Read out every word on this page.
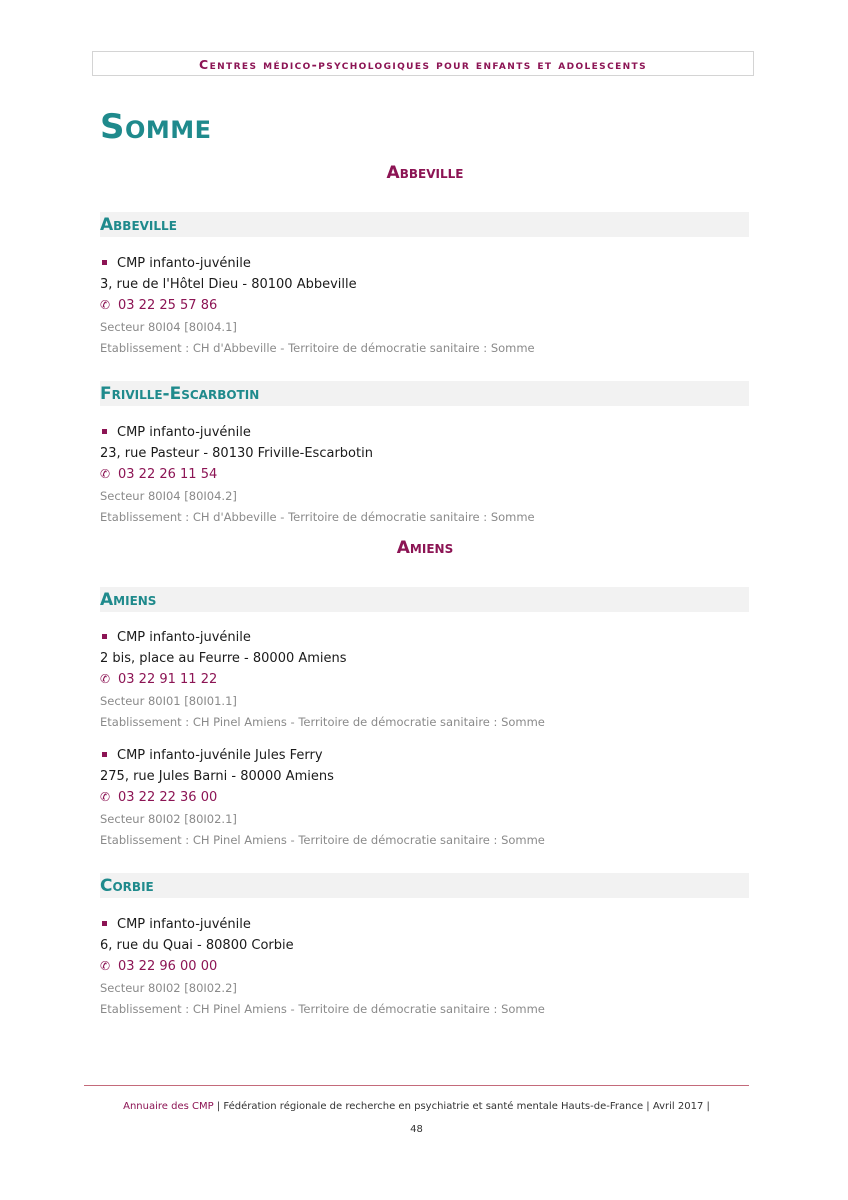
Centres médico-psychologiques pour enfants et adolescents
Somme
Abbeville
Abbeville
CMP infanto-juvénile
3, rue de l'Hôtel Dieu - 80100 Abbeville
✆ 03 22 25 57 86
Secteur 80I04 [80I04.1]
Etablissement : CH d'Abbeville - Territoire de démocratie sanitaire : Somme
Friville-Escarbotin
CMP infanto-juvénile
23, rue Pasteur - 80130 Friville-Escarbotin
✆ 03 22 26 11 54
Secteur 80I04 [80I04.2]
Etablissement : CH d'Abbeville - Territoire de démocratie sanitaire : Somme
Amiens
Amiens
CMP infanto-juvénile
2 bis, place au Feurre - 80000 Amiens
✆ 03 22 91 11 22
Secteur 80I01 [80I01.1]
Etablissement : CH Pinel Amiens - Territoire de démocratie sanitaire : Somme
CMP infanto-juvénile Jules Ferry
275, rue Jules Barni - 80000 Amiens
✆ 03 22 22 36 00
Secteur 80I02 [80I02.1]
Etablissement : CH Pinel Amiens - Territoire de démocratie sanitaire : Somme
Corbie
CMP infanto-juvénile
6, rue du Quai - 80800 Corbie
✆ 03 22 96 00 00
Secteur 80I02 [80I02.2]
Etablissement : CH Pinel Amiens - Territoire de démocratie sanitaire : Somme
Annuaire des CMP | Fédération régionale de recherche en psychiatrie et santé mentale Hauts-de-France | Avril 2017 |
48
